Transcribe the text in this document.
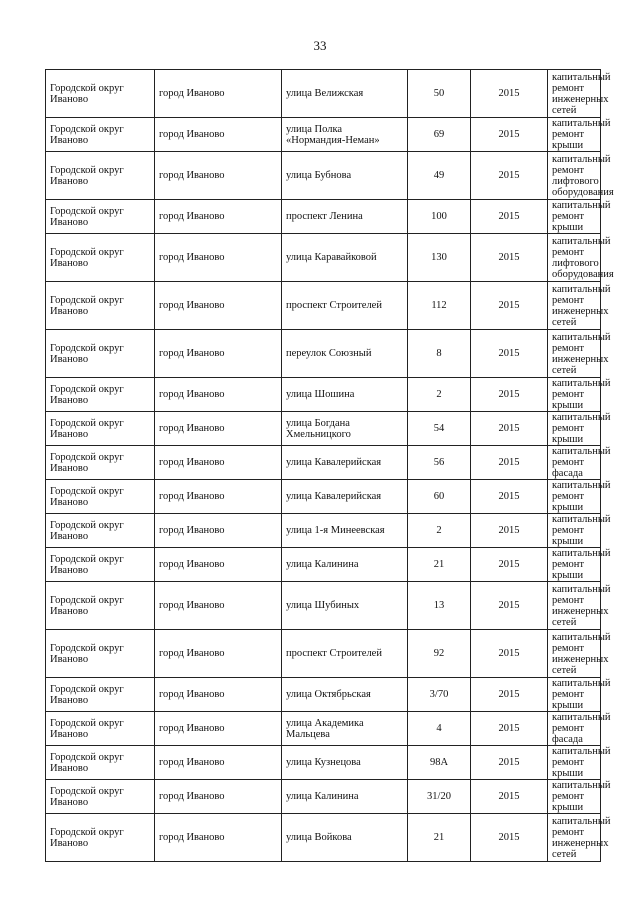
33
Городской округ Иваново	город Иваново	улица Велижская	50	2015	капитальный ремонт инженерных сетей
Городской округ Иваново	город Иваново	улица Полка «Нормандия-Неман»	69	2015	капитальный ремонт крыши
Городской округ Иваново	город Иваново	улица Бубнова	49	2015	капитальный ремонт лифтового оборудования
Городской округ Иваново	город Иваново	проспект Ленина	100	2015	капитальный ремонт крыши
Городской округ Иваново	город Иваново	улица Каравайковой	130	2015	капитальный ремонт лифтового оборудования
Городской округ Иваново	город Иваново	проспект Строителей	112	2015	капитальный ремонт инженерных сетей
Городской округ Иваново	город Иваново	переулок Союзный	8	2015	капитальный ремонт инженерных сетей
Городской округ Иваново	город Иваново	улица Шошина	2	2015	капитальный ремонт крыши
Городской округ Иваново	город Иваново	улица Богдана Хмельницкого	54	2015	капитальный ремонт крыши
Городской округ Иваново	город Иваново	улица Кавалерийская	56	2015	капитальный ремонт фасада
Городской округ Иваново	город Иваново	улица Кавалерийская	60	2015	капитальный ремонт крыши
Городской округ Иваново	город Иваново	улица 1-я Минеевская	2	2015	капитальный ремонт крыши
Городской округ Иваново	город Иваново	улица Калинина	21	2015	капитальный ремонт крыши
Городской округ Иваново	город Иваново	улица Шубиных	13	2015	капитальный ремонт инженерных сетей
Городской округ Иваново	город Иваново	проспект Строителей	92	2015	капитальный ремонт инженерных сетей
Городской округ Иваново	город Иваново	улица Октябрьская	3/70	2015	капитальный ремонт крыши
Городской округ Иваново	город Иваново	улица Академика Мальцева	4	2015	капитальный ремонт фасада
Городской округ Иваново	город Иваново	улица Кузнецова	98А	2015	капитальный ремонт крыши
Городской округ Иваново	город Иваново	улица Калинина	31/20	2015	капитальный ремонт крыши
Городской округ Иваново	город Иваново	улица Войкова	21	2015	капитальный ремонт инженерных сетей
